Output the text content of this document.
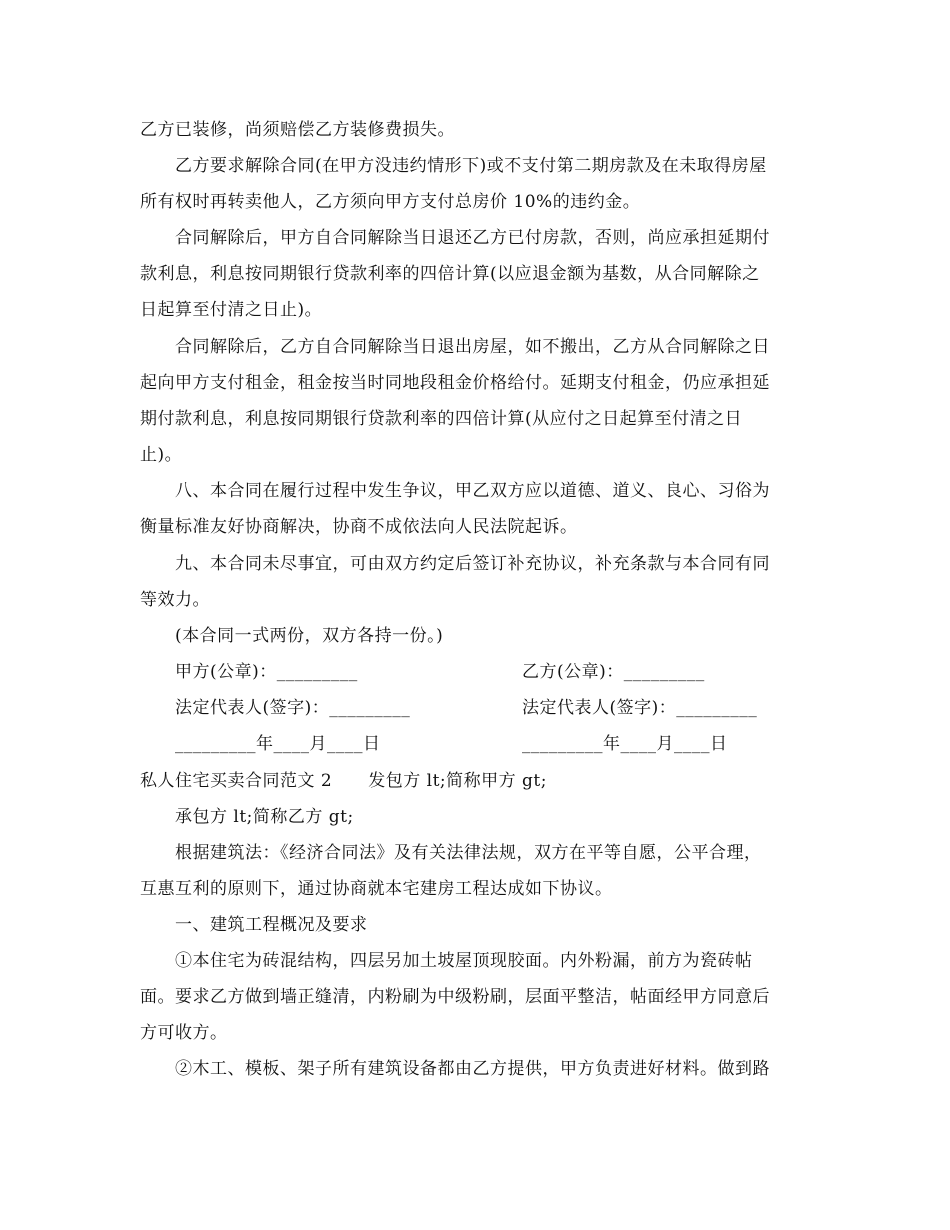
乙方已装修，尚须赔偿乙方装修费损失。
乙方要求解除合同(在甲方没违约情形下)或不支付第二期房款及在未取得房屋
所有权时再转卖他人，乙方须向甲方支付总房价 10%的违约金。
合同解除后，甲方自合同解除当日退还乙方已付房款，否则，尚应承担延期付
款利息，利息按同期银行贷款利率的四倍计算(以应退金额为基数，从合同解除之
日起算至付清之日止)。
合同解除后，乙方自合同解除当日退出房屋，如不搬出，乙方从合同解除之日
起向甲方支付租金，租金按当时同地段租金价格给付。延期支付租金，仍应承担延
期付款利息，利息按同期银行贷款利率的四倍计算(从应付之日起算至付清之日
止)。
八、本合同在履行过程中发生争议，甲乙双方应以道德、道义、良心、习俗为
衡量标准友好协商解决，协商不成依法向人民法院起诉。
九、本合同未尽事宜，可由双方约定后签订补充协议，补充条款与本合同有同
等效力。
(本合同一式两份，双方各持一份。)
甲方(公章)：_________	乙方(公章)：_________
法定代表人(签字)：_________	法定代表人(签字)：_________
_________年____月____日	_________年____月____日
私人住宅买卖合同范文 2 发包方 lt;简称甲方 gt;
承包方 lt;简称乙方 gt;
根据建筑法：《经济合同法》及有关法律法规，双方在平等自愿，公平合理，
互惠互利的原则下，通过协商就本宅建房工程达成如下协议。
一、建筑工程概况及要求
①本住宅为砖混结构，四层另加土坡屋顶现胶面。内外粉漏，前方为瓷砖帖
面。要求乙方做到墙正缝清，内粉刷为中级粉刷，层面平整洁，帖面经甲方同意后
方可收方。
②木工、模板、架子所有建筑设备都由乙方提供，甲方负责进好材料。做到路
